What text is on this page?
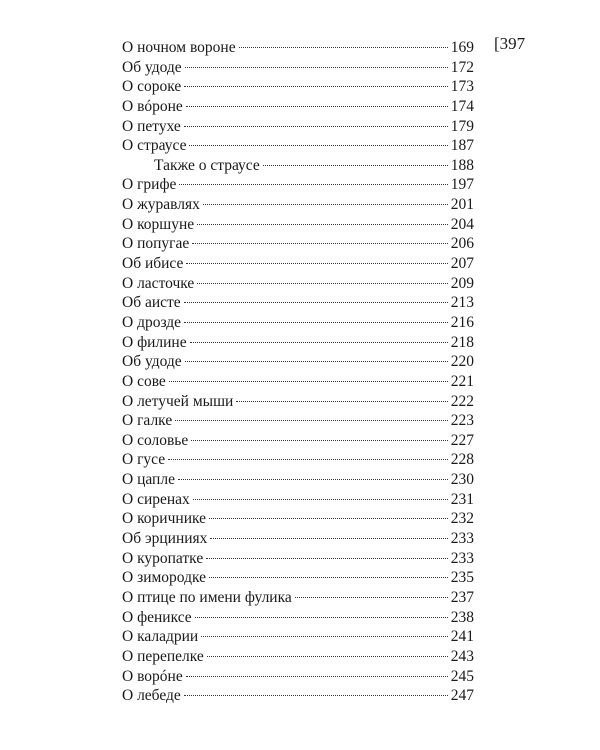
[397
О ночном вороне	169
Об удоде	172
О сороке	173
О вóроне	174
О петухе	179
О страусе	187
Также о страусе	188
О грифе	197
О журавлях	201
О коршуне	204
О попугае	206
Об ибисе	207
О ласточке	209
Об аисте	213
О дрозде	216
О филине	218
Об удоде	220
О сове	221
О летучей мыши	222
О галке	223
О соловье	227
О гусе	228
О цапле	230
О сиренах	231
О коричнике	232
Об эрциниях	233
О куропатке	233
О зимородке	235
О птице по имени фулика	237
О фениксе	238
О каладрии	241
О перепелке	243
О ворóне	245
О лебеде	247
